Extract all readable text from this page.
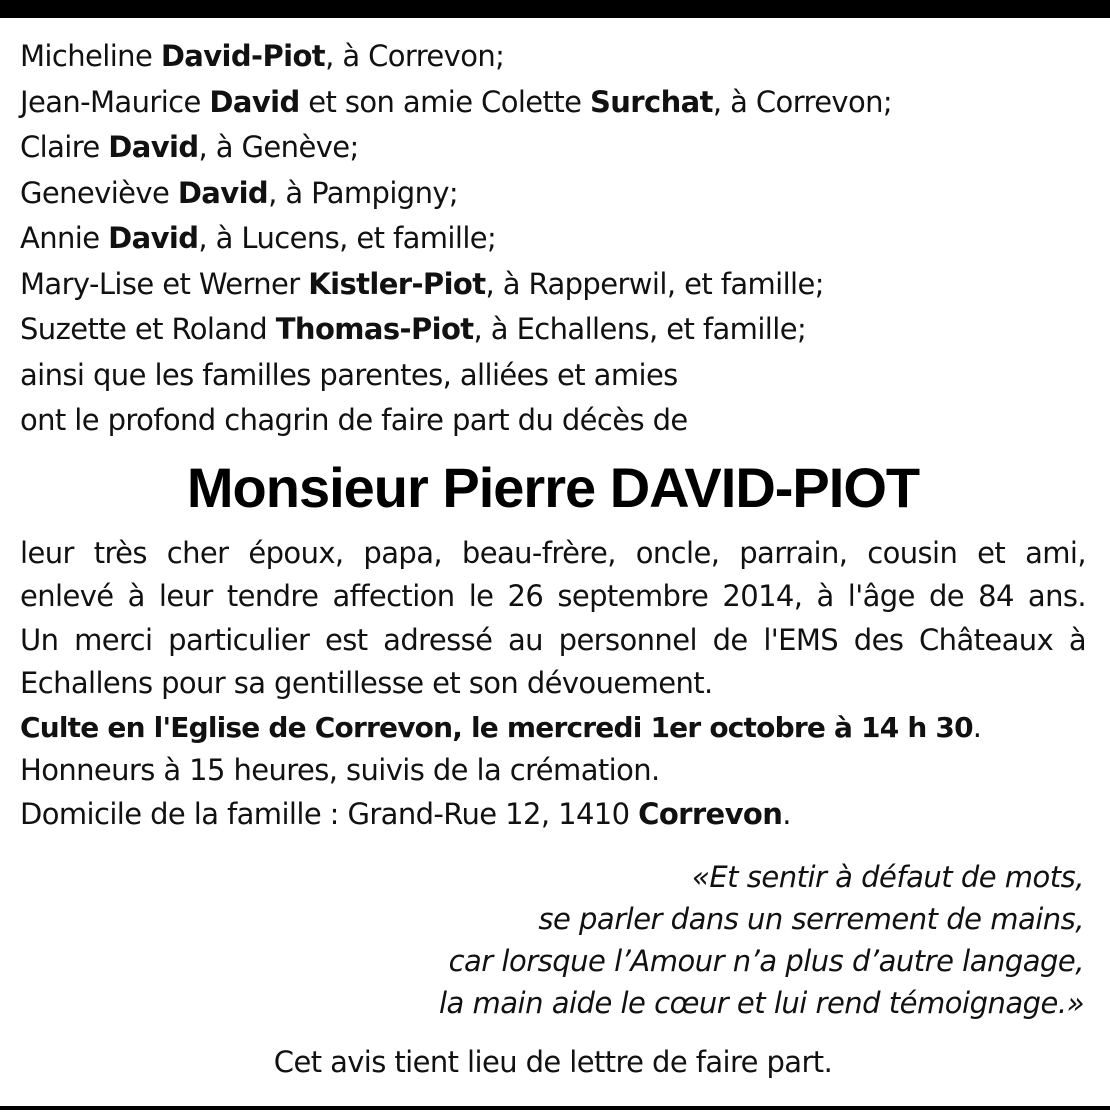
Micheline David-Piot, à Correvon;
Jean-Maurice David et son amie Colette Surchat, à Correvon;
Claire David, à Genève;
Geneviève David, à Pampigny;
Annie David, à Lucens, et famille;
Mary-Lise et Werner Kistler-Piot, à Rapperwil, et famille;
Suzette et Roland Thomas-Piot, à Echallens, et famille;
ainsi que les familles parentes, alliées et amies
ont le profond chagrin de faire part du décès de
Monsieur Pierre DAVID-PIOT
leur très cher époux, papa, beau-frère, oncle, parrain, cousin et ami,
enlevé à leur tendre affection le 26 septembre 2014, à l'âge de 84 ans.
Un merci particulier est adressé au personnel de l'EMS des Châteaux à
Echallens pour sa gentillesse et son dévouement.
Culte en l'Eglise de Correvon, le mercredi 1er octobre à 14 h 30.
Honneurs à 15 heures, suivis de la crémation.
Domicile de la famille : Grand-Rue 12, 1410 Correvon.
«Et sentir à défaut de mots,
se parler dans un serrement de mains,
car lorsque l’Amour n’a plus d’autre langage,
la main aide le cœur et lui rend témoignage.»
Cet avis tient lieu de lettre de faire part.
